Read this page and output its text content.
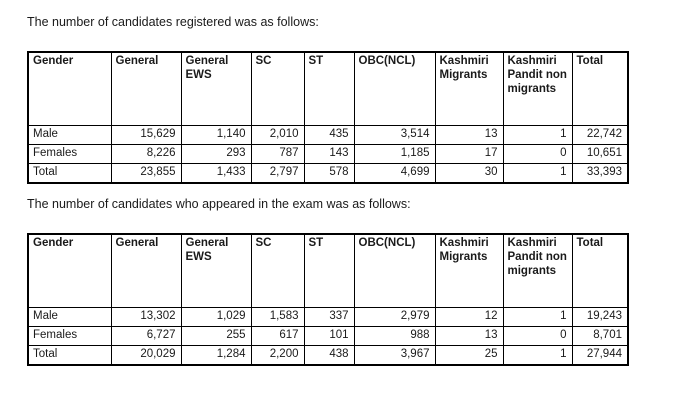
The number of candidates registered was as follows:

Gender	General	General EWS	SC	ST	OBC(NCL)	Kashmiri Migrants	Kashmiri Pandit non migrants	Total
Male	15,629	1,140	2,010	435	3,514	13	1	22,742
Females	8,226	293	787	143	1,185	17	0	10,651
Total	23,855	1,433	2,797	578	4,699	30	1	33,393

The number of candidates who appeared in the exam was as follows:

Gender	General	General EWS	SC	ST	OBC(NCL)	Kashmiri Migrants	Kashmiri Pandit non migrants	Total
Male	13,302	1,029	1,583	337	2,979	12	1	19,243
Females	6,727	255	617	101	988	13	0	8,701
Total	20,029	1,284	2,200	438	3,967	25	1	27,944
